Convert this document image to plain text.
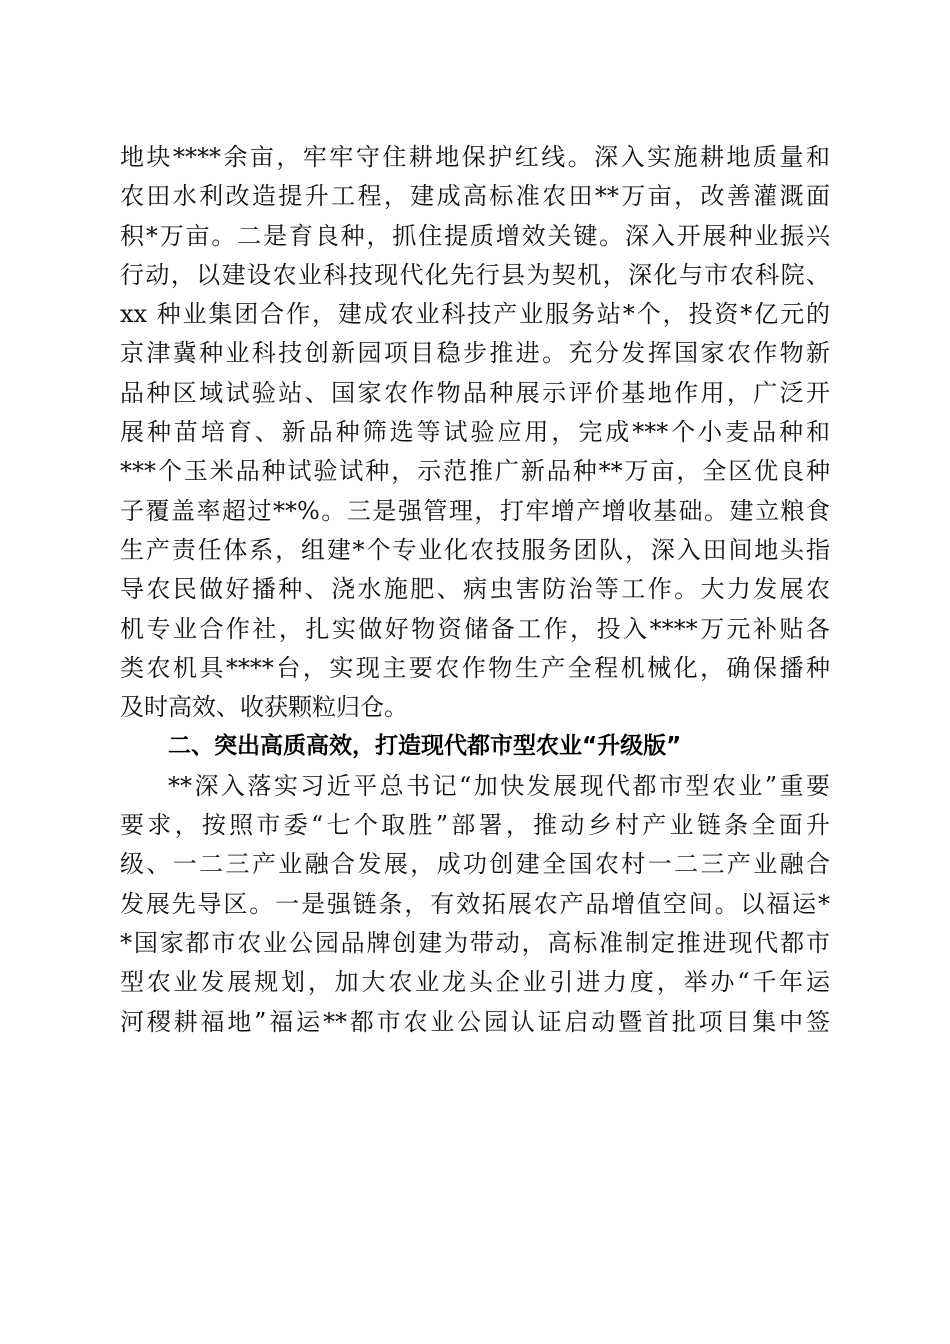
地块****余亩，牢牢守住耕地保护红线。深入实施耕地质量和
农田水利改造提升工程，建成高标准农田**万亩，改善灌溉面
积*万亩。二是育良种，抓住提质增效关键。深入开展种业振兴
行动，以建设农业科技现代化先行县为契机，深化与市农科院、
xx 种业集团合作，建成农业科技产业服务站*个，投资*亿元的
京津冀种业科技创新园项目稳步推进。充分发挥国家农作物新
品种区域试验站、国家农作物品种展示评价基地作用，广泛开
展种苗培育、新品种筛选等试验应用，完成***个小麦品种和
***个玉米品种试验试种，示范推广新品种**万亩，全区优良种
子覆盖率超过**%。三是强管理，打牢增产增收基础。建立粮食
生产责任体系，组建*个专业化农技服务团队，深入田间地头指
导农民做好播种、浇水施肥、病虫害防治等工作。大力发展农
机专业合作社，扎实做好物资储备工作，投入****万元补贴各
类农机具****台，实现主要农作物生产全程机械化，确保播种
及时高效、收获颗粒归仓。
二、突出高质高效，打造现代都市型农业“升级版”
**深入落实习近平总书记“加快发展现代都市型农业”重要
要求，按照市委“七个取胜”部署，推动乡村产业链条全面升
级、一二三产业融合发展，成功创建全国农村一二三产业融合
发展先导区。一是强链条，有效拓展农产品增值空间。以福运*
*国家都市农业公园品牌创建为带动，高标准制定推进现代都市
型农业发展规划，加大农业龙头企业引进力度，举办“千年运
河稷耕福地”福运**都市农业公园认证启动暨首批项目集中签
